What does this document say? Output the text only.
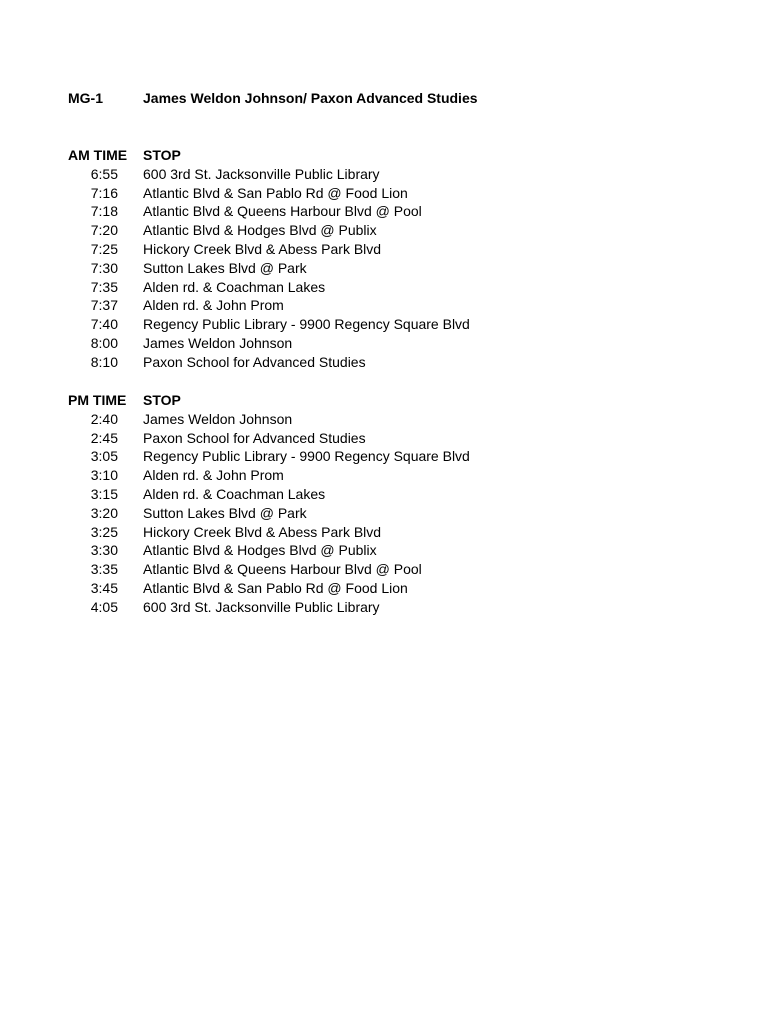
MG-1	James Weldon Johnson/ Paxon Advanced Studies
AM TIME	STOP
6:55 600 3rd St. Jacksonville Public Library
7:16 Atlantic Blvd & San Pablo Rd @ Food Lion
7:18 Atlantic Blvd & Queens Harbour Blvd @ Pool
7:20 Atlantic Blvd & Hodges Blvd @ Publix
7:25 Hickory Creek Blvd & Abess Park Blvd
7:30 Sutton Lakes Blvd @ Park
7:35 Alden rd. & Coachman Lakes
7:37 Alden rd. & John Prom
7:40 Regency Public Library - 9900 Regency Square Blvd
8:00 James Weldon Johnson
8:10 Paxon School for Advanced Studies
PM TIME	STOP
2:40 James Weldon Johnson
2:45 Paxon School for Advanced Studies
3:05 Regency Public Library - 9900 Regency Square Blvd
3:10 Alden rd. & John Prom
3:15 Alden rd. & Coachman Lakes
3:20 Sutton Lakes Blvd @ Park
3:25 Hickory Creek Blvd & Abess Park Blvd
3:30 Atlantic Blvd & Hodges Blvd @ Publix
3:35 Atlantic Blvd & Queens Harbour Blvd @ Pool
3:45 Atlantic Blvd & San Pablo Rd @ Food Lion
4:05 600 3rd St. Jacksonville Public Library
